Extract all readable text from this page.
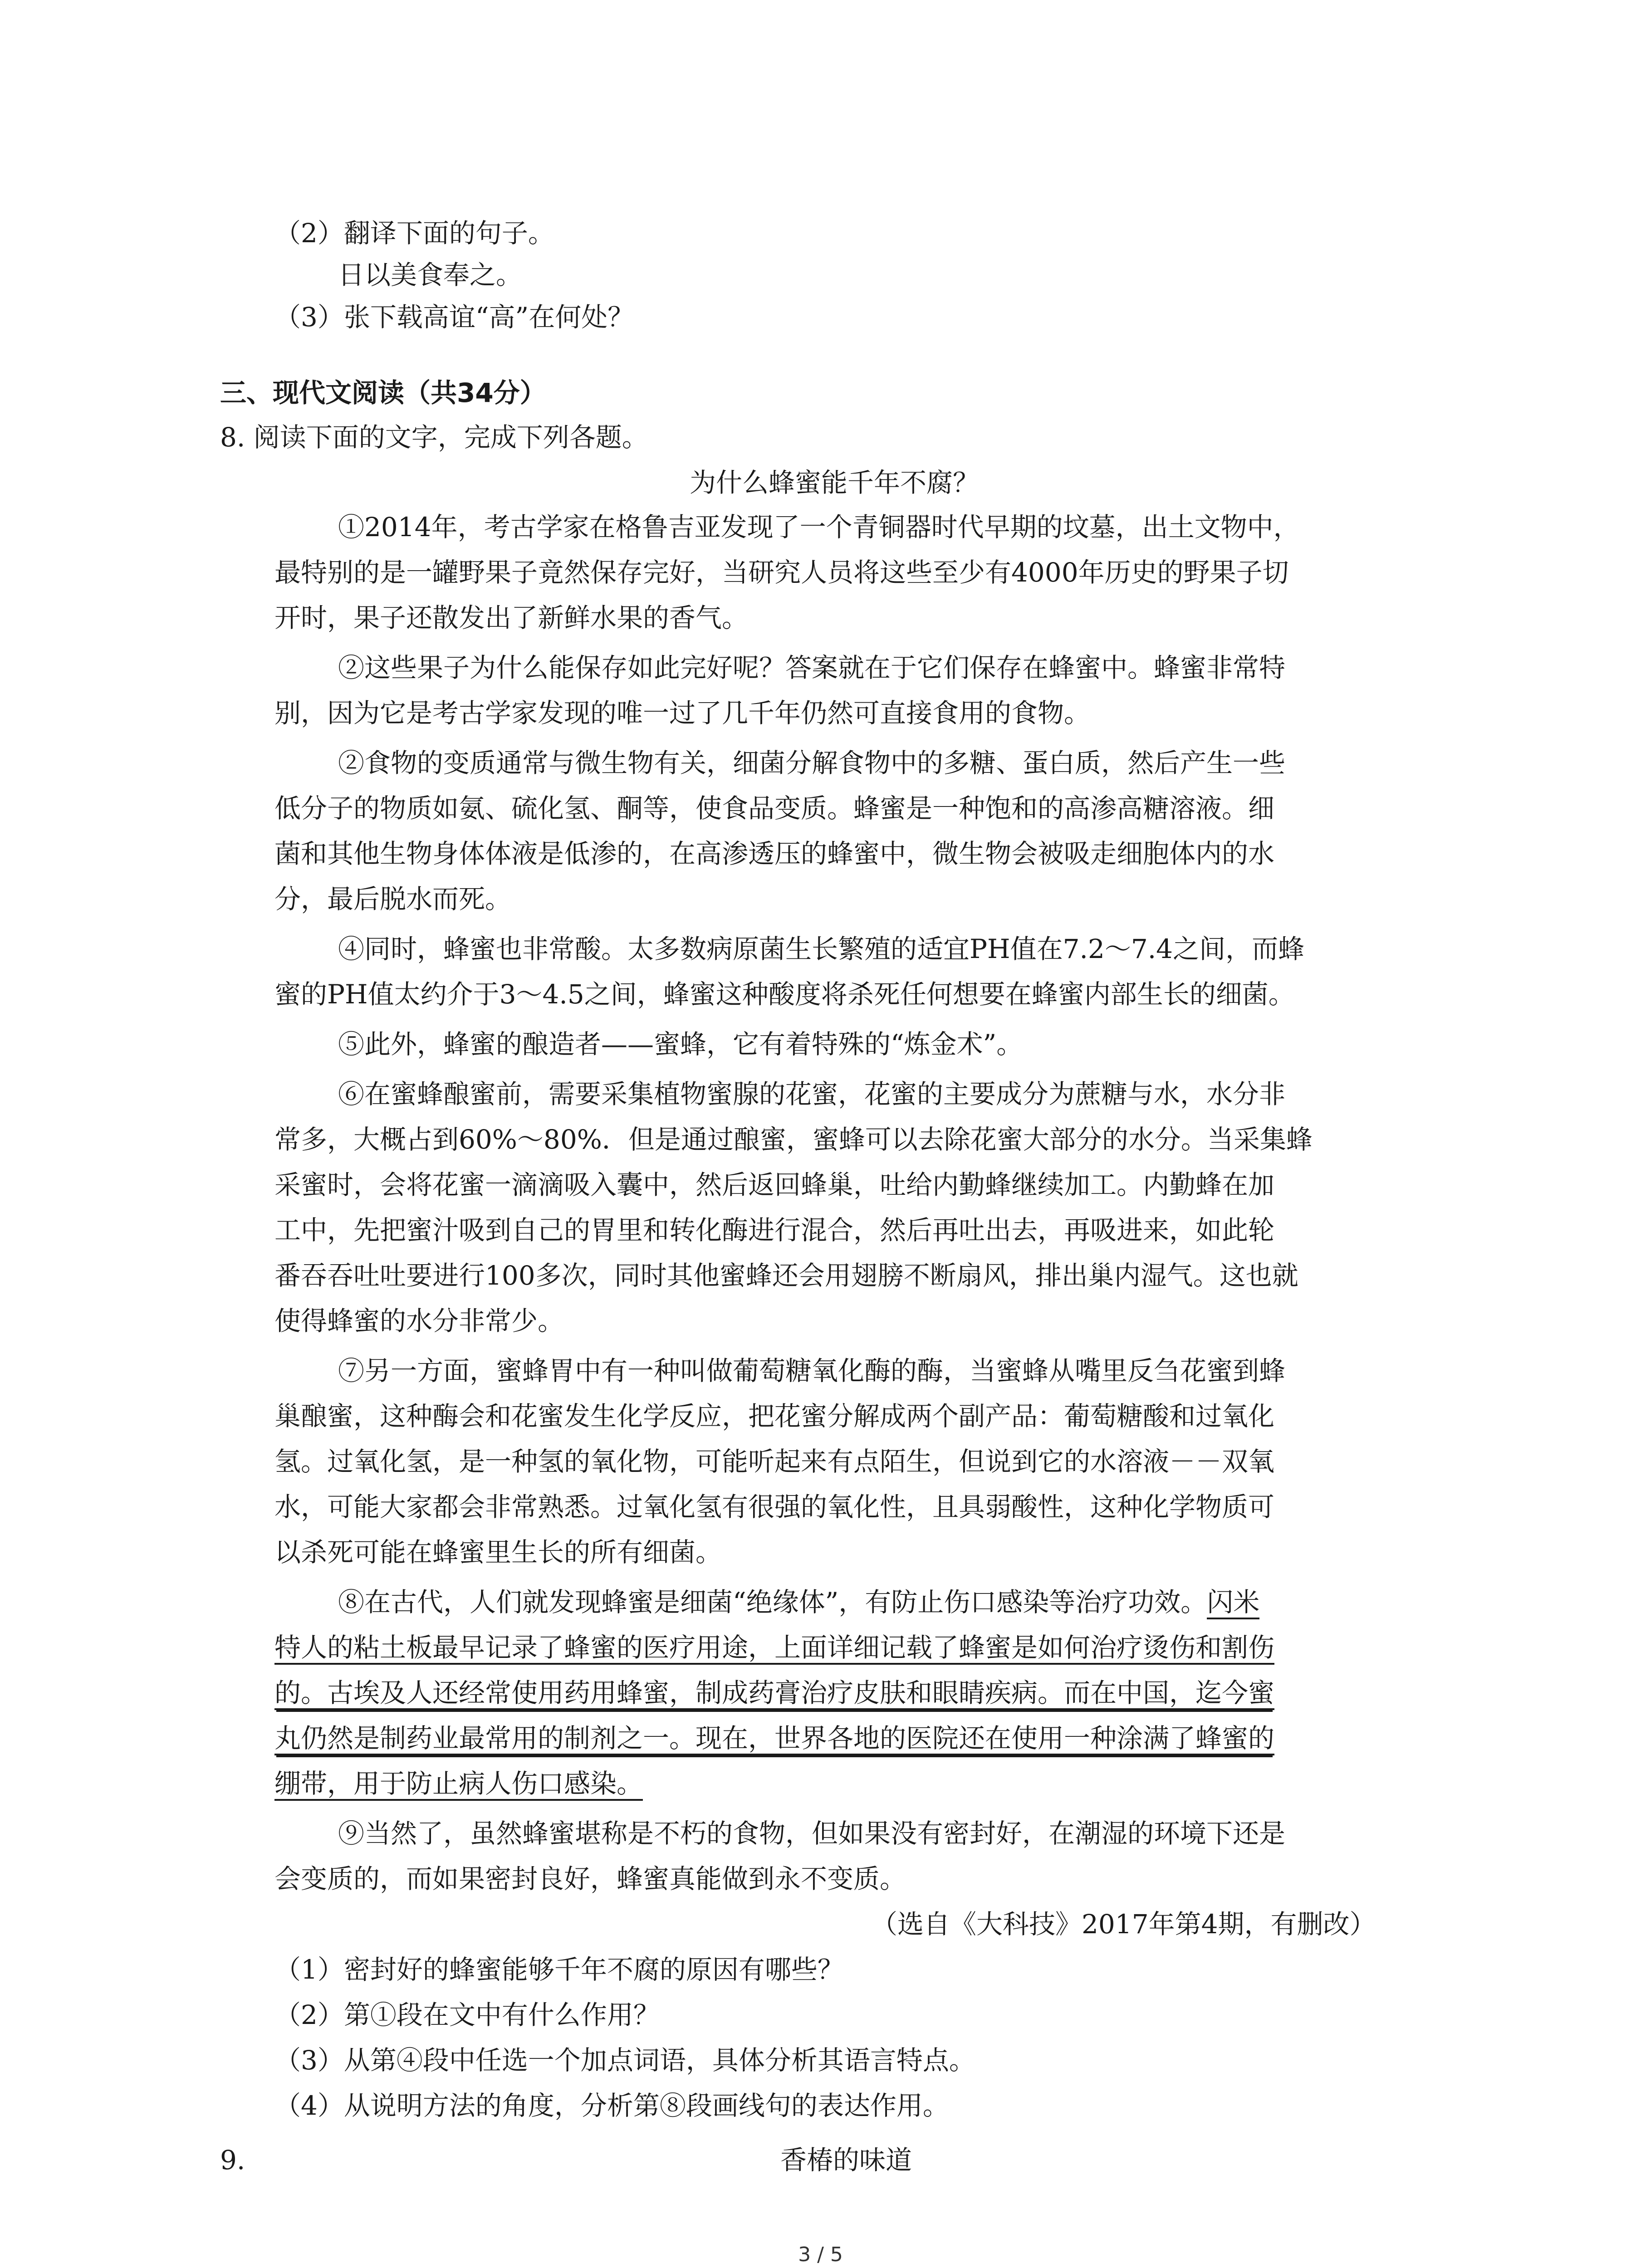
（2）翻译下面的句子。
日以美食奉之。
（3）张下载高谊“高”在何处？
三、现代文阅读（共34分）
8. 阅读下面的文字，完成下列各题。
为什么蜂蜜能千年不腐？
①2014年，考古学家在格鲁吉亚发现了一个青铜器时代早期的坟墓，出土文物中，
最特别的是一罐野果子竟然保存完好，当研究人员将这些至少有4000年历史的野果子切
开时，果子还散发出了新鲜水果的香气。
②这些果子为什么能保存如此完好呢？答案就在于它们保存在蜂蜜中。蜂蜜非常特
别，因为它是考古学家发现的唯一过了几千年仍然可直接食用的食物。
②食物的变质通常与微生物有关，细菌分解食物中的多糖、蛋白质，然后产生一些
低分子的物质如氨、硫化氢、酮等，使食品变质。蜂蜜是一种饱和的高渗高糖溶液。细
菌和其他生物身体体液是低渗的，在高渗透压的蜂蜜中，微生物会被吸走细胞体内的水
分，最后脱水而死。
④同时，蜂蜜也非常酸。太多数病原菌生长繁殖的适宜PH值在7.2～7.4之间，而蜂
蜜的PH值太约介于3～4.5之间，蜂蜜这种酸度将杀死任何想要在蜂蜜内部生长的细菌。
⑤此外，蜂蜜的酿造者——蜜蜂，它有着特殊的“炼金术”。
⑥在蜜蜂酿蜜前，需要采集植物蜜腺的花蜜，花蜜的主要成分为蔗糖与水，水分非
常多，大概占到60%～80%．但是通过酿蜜，蜜蜂可以去除花蜜大部分的水分。当采集蜂
采蜜时，会将花蜜一滴滴吸入囊中，然后返回蜂巢，吐给内勤蜂继续加工。内勤蜂在加
工中，先把蜜汁吸到自己的胃里和转化酶进行混合，然后再吐出去，再吸进来，如此轮
番吞吞吐吐要进行100多次，同时其他蜜蜂还会用翅膀不断扇风，排出巢内湿气。这也就
使得蜂蜜的水分非常少。
⑦另一方面，蜜蜂胃中有一种叫做葡萄糖氧化酶的酶，当蜜蜂从嘴里反刍花蜜到蜂
巢酿蜜，这种酶会和花蜜发生化学反应，把花蜜分解成两个副产品：葡萄糖酸和过氧化
氢。过氧化氢，是一种氢的氧化物，可能听起来有点陌生，但说到它的水溶液－－双氧
水，可能大家都会非常熟悉。过氧化氢有很强的氧化性，且具弱酸性，这种化学物质可
以杀死可能在蜂蜜里生长的所有细菌。
⑧在古代，人们就发现蜂蜜是细菌“绝缘体”，有防止伤口感染等治疗功效。闪米
特人的粘土板最早记录了蜂蜜的医疗用途，上面详细记载了蜂蜜是如何治疗烫伤和割伤
的。古埃及人还经常使用药用蜂蜜，制成药膏治疗皮肤和眼睛疾病。而在中国，迄今蜜
丸仍然是制药业最常用的制剂之一。现在，世界各地的医院还在使用一种涂满了蜂蜜的
绷带，用于防止病人伤口感染。
⑨当然了，虽然蜂蜜堪称是不朽的食物，但如果没有密封好，在潮湿的环境下还是
会变质的，而如果密封良好，蜂蜜真能做到永不变质。
（选自《大科技》2017年第4期，有删改）
（1）密封好的蜂蜜能够千年不腐的原因有哪些？
（2）第①段在文中有什么作用？
（3）从第④段中任选一个加点词语，具体分析其语言特点。
（4）从说明方法的角度，分析第⑧段画线句的表达作用。
9.	香椿的味道
3 / 5
